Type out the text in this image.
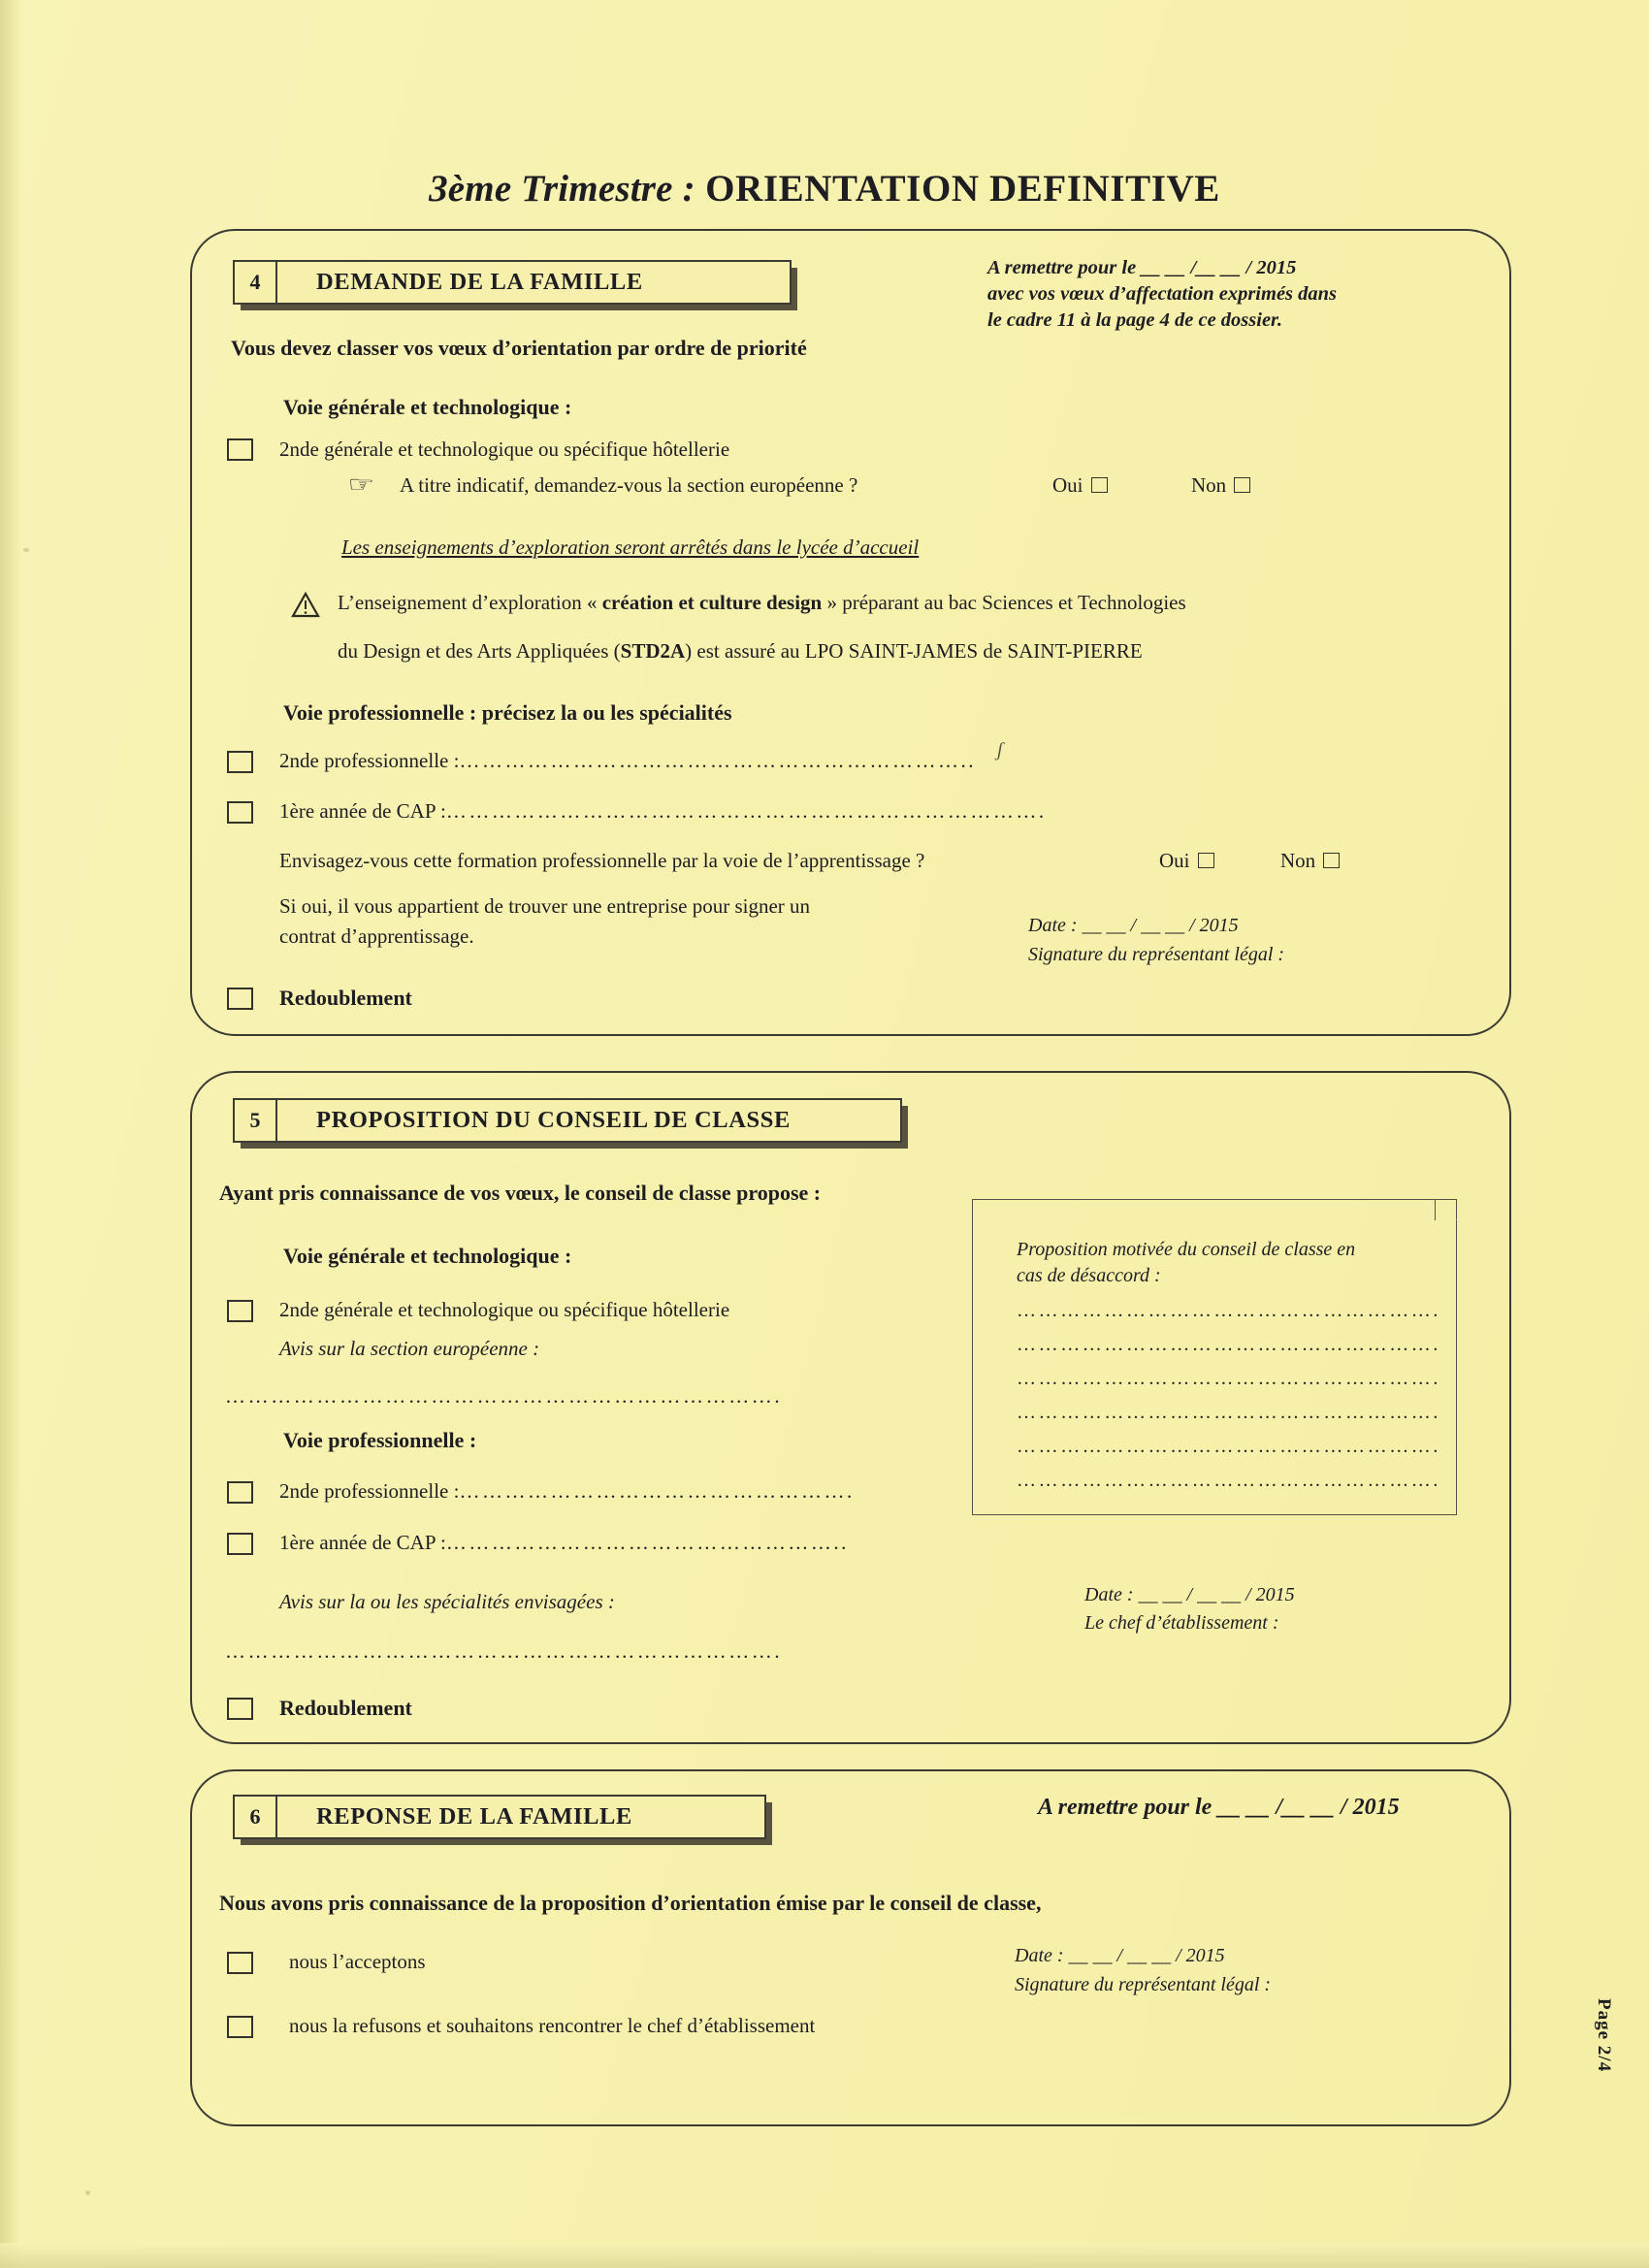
3ème Trimestre : ORIENTATION DEFINITIVE
4	DEMANDE DE LA FAMILLE
A remettre pour le __ __ /__ __ / 2015
avec vos vœux d’affectation exprimés dans
le cadre 11 à la page 4 de ce dossier.
Vous devez classer vos vœux d’orientation par ordre de priorité
Voie générale et technologique :
2nde générale et technologique ou spécifique hôtellerie
☞ A titre indicatif, demandez-vous la section européenne ?	Oui	Non
Les enseignements d’exploration seront arrêtés dans le lycée d’accueil
L’enseignement d’exploration « création et culture design » préparant au bac Sciences et Technologies
du Design et des Arts Appliquées (STD2A) est assuré au LPO SAINT-JAMES de SAINT-PIERRE
Voie professionnelle : précisez la ou les spécialités
2nde professionnelle :………………………………………………………….. ʃ
1ère année de CAP :…………………………………………………………………….
Envisagez-vous cette formation professionnelle par la voie de l’apprentissage ?	Oui	Non
Si oui, il vous appartient de trouver une entreprise pour signer un
contrat d’apprentissage.	Date : __ __ / __ __ / 2015
Signature du représentant légal :
Redoublement
5	PROPOSITION DU CONSEIL DE CLASSE
Ayant pris connaissance de vos vœux, le conseil de classe propose :
Voie générale et technologique :
2nde générale et technologique ou spécifique hôtellerie
Avis sur la section européenne :
……………………………………………………………….
Voie professionnelle :
2nde professionnelle :…………………………………………….
1ère année de CAP :……………………………………………..
Avis sur la ou les spécialités envisagées :
……………………………………………………………….
Redoublement
Proposition motivée du conseil de classe en
cas de désaccord :
………………………………………………….
………………………………………………….
………………………………………………….
………………………………………………….
………………………………………………….
………………………………………………….
Date : __ __ / __ __ / 2015
Le chef d’établissement :
6	REPONSE DE LA FAMILLE	A remettre pour le __ __ /__ __ / 2015
Nous avons pris connaissance de la proposition d’orientation émise par le conseil de classe,
nous l’acceptons
nous la refusons et souhaitons rencontrer le chef d’établissement
Date : __ __ / __ __ / 2015
Signature du représentant légal :
Page 2/4
